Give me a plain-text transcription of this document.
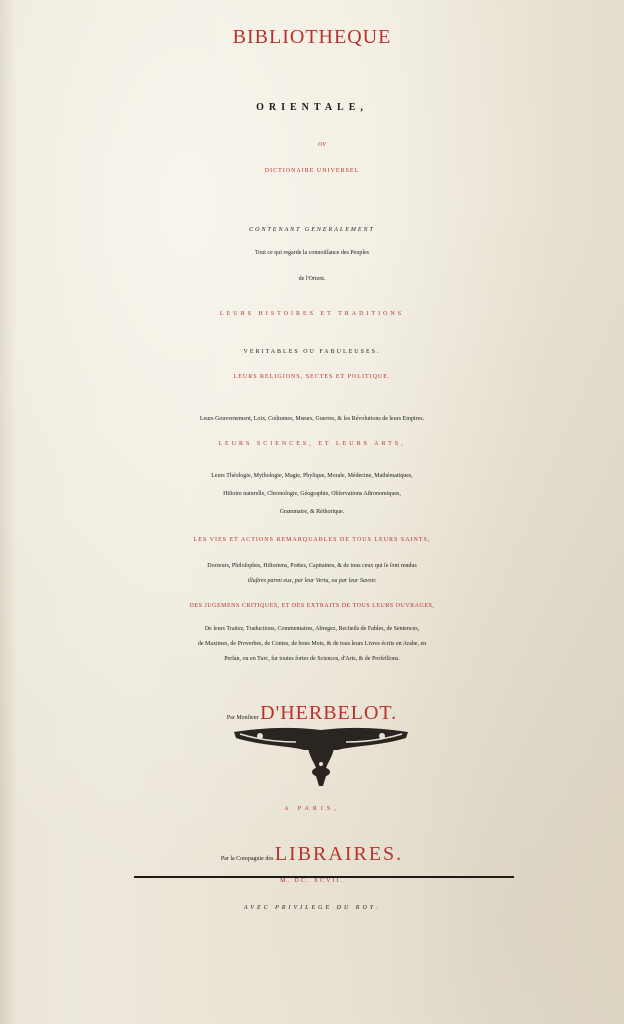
BIBLIOTHEQUE
ORIENTALE,
OV
DICTIONAIRE UNIVERSEL
CONTENANT GENERALEMENT
Tout ce qui regarde la connoiſſance des Peuples
de l'Orient.
LEURS HISTOIRES ET TRADITIONS
VERITABLES OU FABULEUSES.
LEURS RELIGIONS, SECTES ET POLITIQUE.
Leurs Gouvernement, Loix, Coûtumes, Mœurs, Guerres, & les Révolutions de leurs Empires.
LEURS SCIENCES, ET LEURS ARTS,
Leurs Théologie, Mythologie, Magie, Phyſique, Morale, Médecine, Mathématiques,
Hiſtoire naturelle, Chronologie, Géographie, Obſervations Aſtronomiques,
Grammaire, & Réthorique.
LES VIES ET ACTIONS REMARQUABLES DE TOUS LEURS SAINTS,
Docteurs, Philoſophes, Hiſtoriens, Poëtes, Capitaines, & de tous ceux qui ſe ſont rendus
illuſtres parmi eux, par leur Vertu, ou par leur Savoir.
DES JUGEMENS CRITIQUES, ET DES EXTRAITS DE TOUS LEURS OUVRAGES,
De leurs Traitez, Traductions, Commentaires, Abregez, Recüeils de Fables, de Sentences,
de Maximes, de Proverbes, de Contes, de bons Mots, & de tous leurs Livres écrits en Arabe, en
Perſan, ou en Turc, ſur toutes ſortes de Sciences, d'Arts, & de Profeſſions.
Par Monſieur D'HERBELOT.
A PARIS,
Par la Compagnie des LIBRAIRES.
M. DC. XCVII.
AVEC PRIVILEGE DU ROY.
